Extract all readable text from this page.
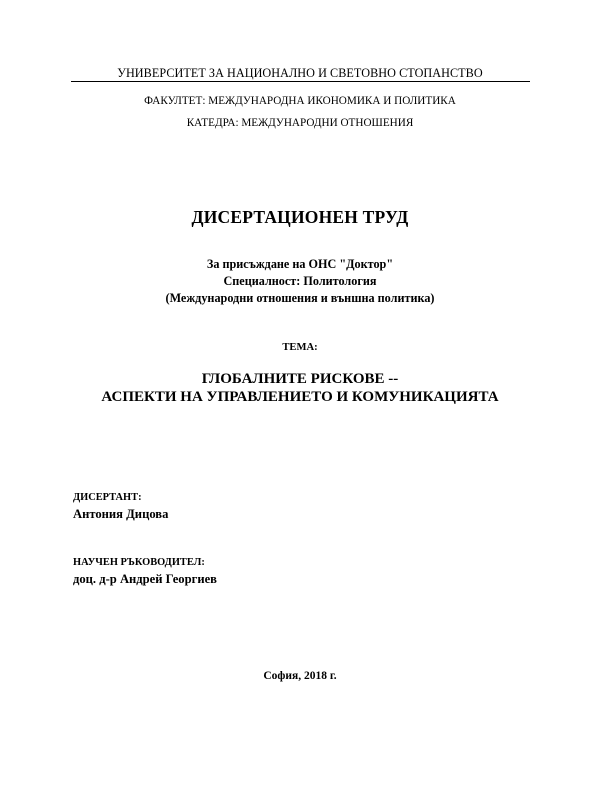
УНИВЕРСИТЕТ ЗА НАЦИОНАЛНО И СВЕТОВНО СТОПАНСТВО
ФАКУЛТЕТ: МЕЖДУНАРОДНА ИКОНОМИКА И ПОЛИТИКА
КАТЕДРА: МЕЖДУНАРОДНИ ОТНОШЕНИЯ
ДИСЕРТАЦИОНЕН ТРУД
За присъждане на ОНС "Доктор"
Специалност: Политология
(Международни отношения и външна политика)
ТЕМА:
ГЛОБАЛНИТЕ РИСКОВЕ --
АСПЕКТИ НА УПРАВЛЕНИЕТО И КОМУНИКАЦИЯТА
ДИСЕРТАНТ:
Антония Дицова
НАУЧЕН РЪКОВОДИТЕЛ:
доц. д-р Андрей Георгиев
София, 2018 г.
